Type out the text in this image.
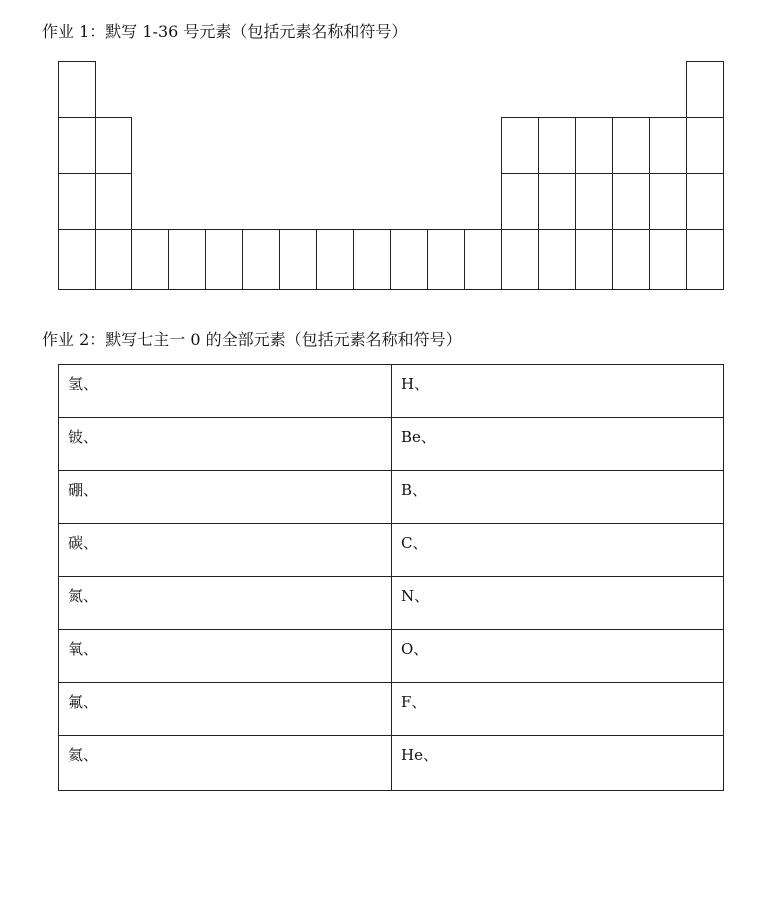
作业 1：默写 1-36 号元素（包括元素名称和符号）
作业 2：默写七主一 0 的全部元素（包括元素名称和符号）
氢、	H、
铍、	Be、
硼、	B、
碳、	C、
氮、	N、
氧、	O、
氟、	F、
氦、	He、
